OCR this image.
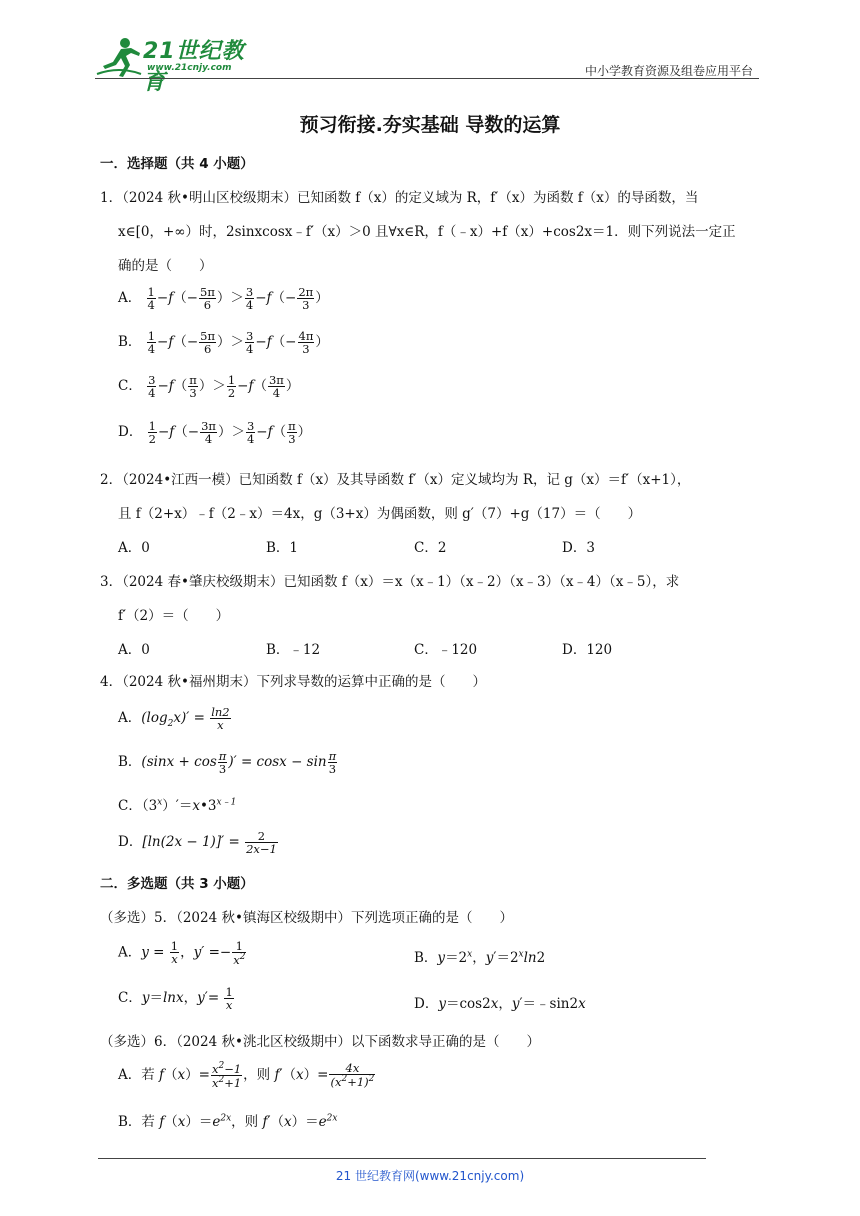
21世纪教育
www.21cnjy.com	中小学教育资源及组卷应用平台
预习衔接.夯实基础 导数的运算
一．选择题（共 4 小题）
1．（2024 秋•明山区校级期末）已知函数 f（x）的定义域为 R，f′（x）为函数 f（x）的导函数，当
x∈[0，+∞）时，2sinxcosx﹣f′（x）＞0 且∀x∈R，f（﹣x）+f（x）+cos2x＝1．则下列说法一定正
确的是（　　）
A． $\frac{1}{4} -f(- \frac{5\pi}{6}$ ）＞ $\frac{3}{4} -f(- \frac{2\pi}{3}$ ）
B． $\frac{1}{4} -f(- \frac{5\pi}{6}$ ）＞ $\frac{3}{4} -f(- \frac{4\pi}{3}$ ）
C． $\frac{3}{4} -f( \frac{\pi}{3}$ ）＞ $\frac{1}{2} -f( \frac{3\pi}{4}$ ）
D． $\frac{1}{2} -f(- \frac{3\pi}{4}$ ）＞ $\frac{3}{4} -f( \frac{\pi}{3}$ ）
2．（2024•江西一模）已知函数 f（x）及其导函数 f′（x）定义域均为 R，记 g（x）＝f′（x+1），
且 f（2+x）﹣f（2﹣x）＝4x，g（3+x）为偶函数，则 g′（7）+g（17）＝（　　）
A．0	B．1	C．2	D．3
3．（2024 春•肇庆校级期末）已知函数 f（x）＝x（x﹣1）（x﹣2）（x﹣3）（x﹣4）（x﹣5），求
f′（2）＝（　　）
A．0	B．﹣12	C．﹣120	D．120
4．（2024 秋•福州期末）下列求导数的运算中正确的是（　　）
A．$(\log_2x)' = \frac{\ln 2}{x}$
B．($\sin x + \cos \frac{\pi}{3}$ )′ = $\cos x - \sin \frac{\pi}{3}$
C．$(3^x)'=x•3^{x﹣1}$
D．$[\ln(2x - 1)]' = \frac{2}{2x-1}$
二．多选题（共 3 小题）
（多选）5．（2024 秋•镇海区校级期中）下列选项正确的是（　　）
A．$y = \frac{1}{x}$ ，$y' =- \frac{1}{x^2}$	B．$y=2^x$，$y'=2^x\ln 2$
C．y＝lnx，$y'= \frac{1}{x}$	D．y＝cos2x，y′＝﹣sin2x
（多选）6．（2024 秋•洮北区校级期中）以下函数求导正确的是（　　）
A．若 $f(x)= \frac{x^2-1}{x^2+1}$ ，则 $f'(x)= \frac{4x}{(x^2+1)^2}$
B．若 $f(x)=e^{2x}$，则 $f'(x)=e^{2x}$
21 世纪教育网(www.21cnjy.com)
